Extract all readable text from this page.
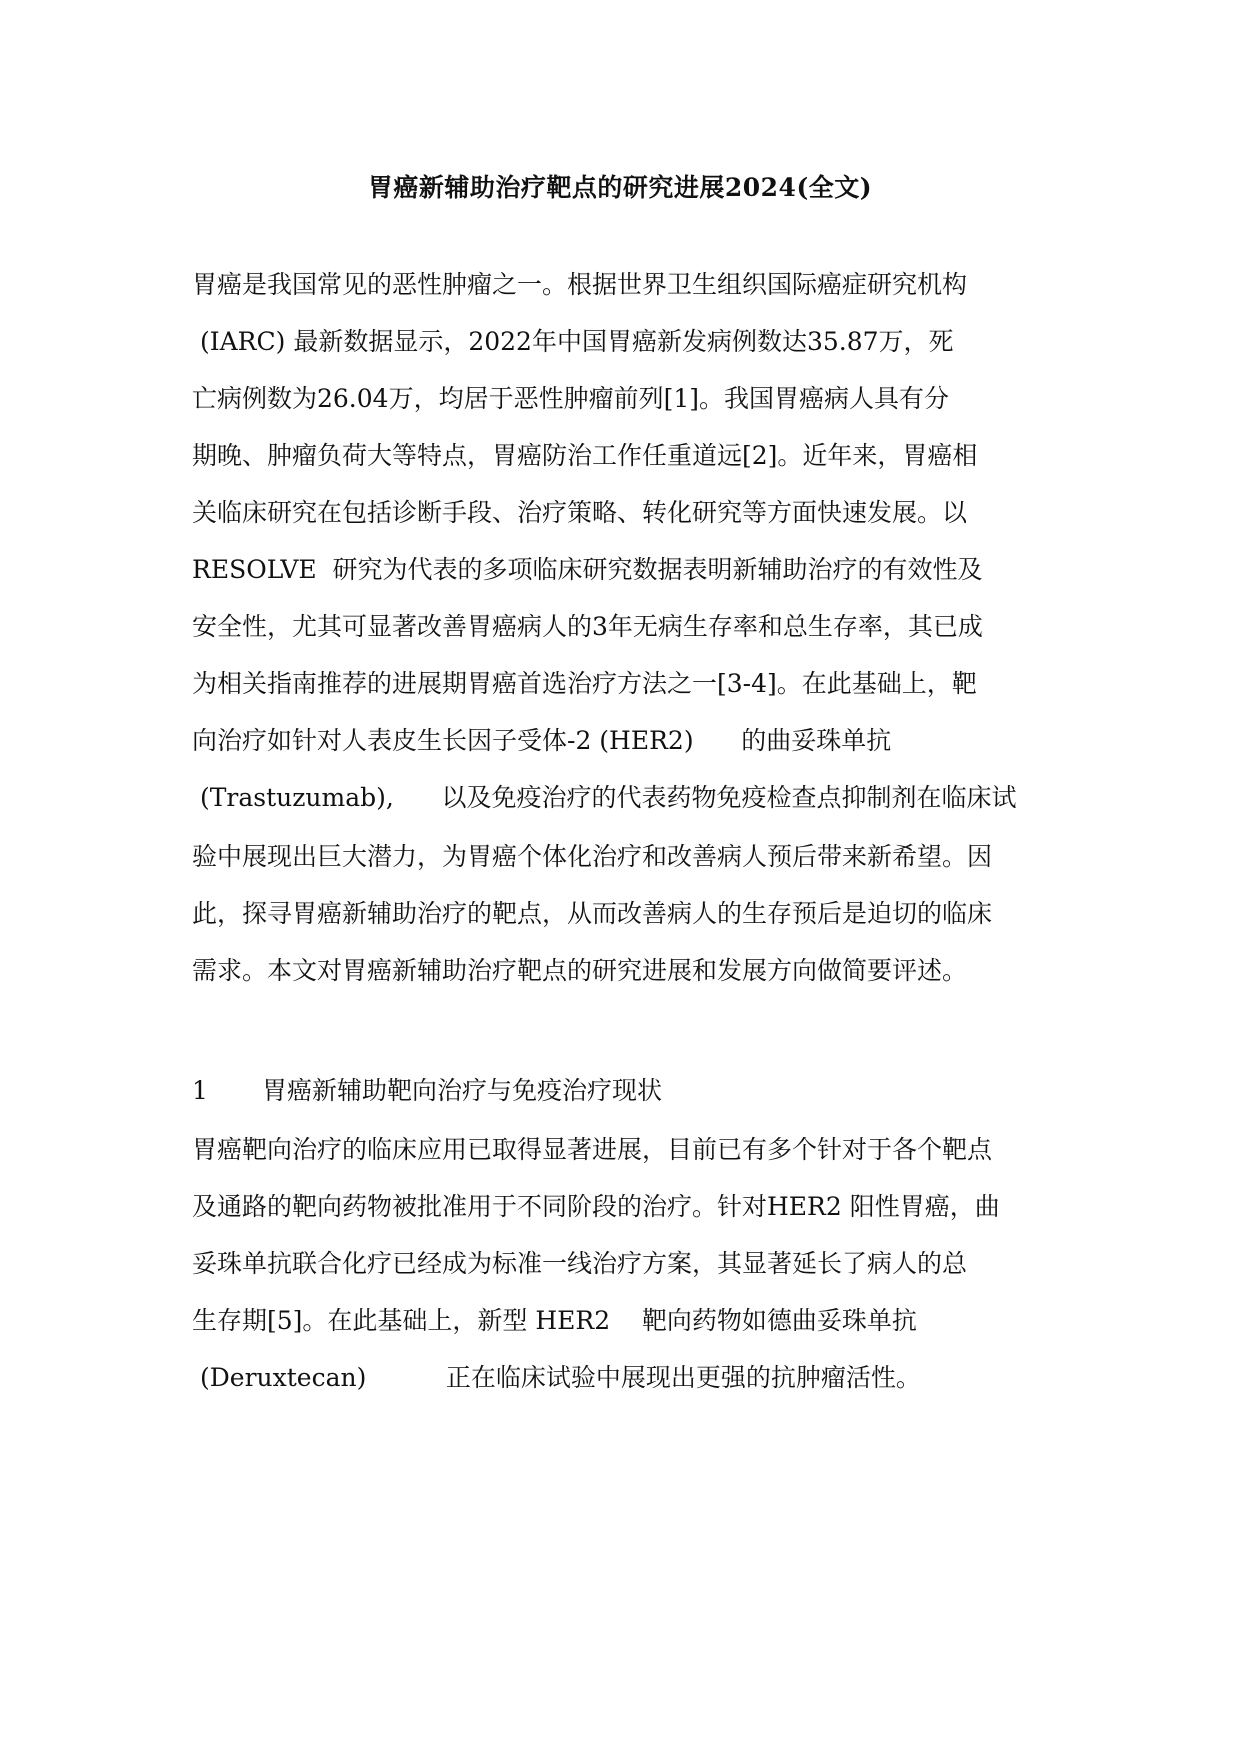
胃癌新辅助治疗靶点的研究进展2024(全文)
胃癌是我国常见的恶性肿瘤之一。根据世界卫生组织国际癌症研究机构
(IARC) 最新数据显示，2022年中国胃癌新发病例数达35.87万，死
亡病例数为26.04万，均居于恶性肿瘤前列[1]。我国胃癌病人具有分
期晚、肿瘤负荷大等特点，胃癌防治工作任重道远[2]。近年来，胃癌相
关临床研究在包括诊断手段、治疗策略、转化研究等方面快速发展。以
RESOLVE  研究为代表的多项临床研究数据表明新辅助治疗的有效性及
安全性，尤其可显著改善胃癌病人的3年无病生存率和总生存率，其已成
为相关指南推荐的进展期胃癌首选治疗方法之一[3-4]。在此基础上，靶
向治疗如针对人表皮生长因子受体-2 (HER2)      的曲妥珠单抗
(Trastuzumab),      以及免疫治疗的代表药物免疫检查点抑制剂在临床试
验中展现出巨大潜力，为胃癌个体化治疗和改善病人预后带来新希望。因
此，探寻胃癌新辅助治疗的靶点，从而改善病人的生存预后是迫切的临床
需求。本文对胃癌新辅助治疗靶点的研究进展和发展方向做简要评述。
1	胃癌新辅助靶向治疗与免疫治疗现状
胃癌靶向治疗的临床应用已取得显著进展，目前已有多个针对于各个靶点
及通路的靶向药物被批准用于不同阶段的治疗。针对HER2 阳性胃癌，曲
妥珠单抗联合化疗已经成为标准一线治疗方案，其显著延长了病人的总
生存期[5]。在此基础上，新型 HER2    靶向药物如德曲妥珠单抗
(Deruxtecan)          正在临床试验中展现出更强的抗肿瘤活性。
